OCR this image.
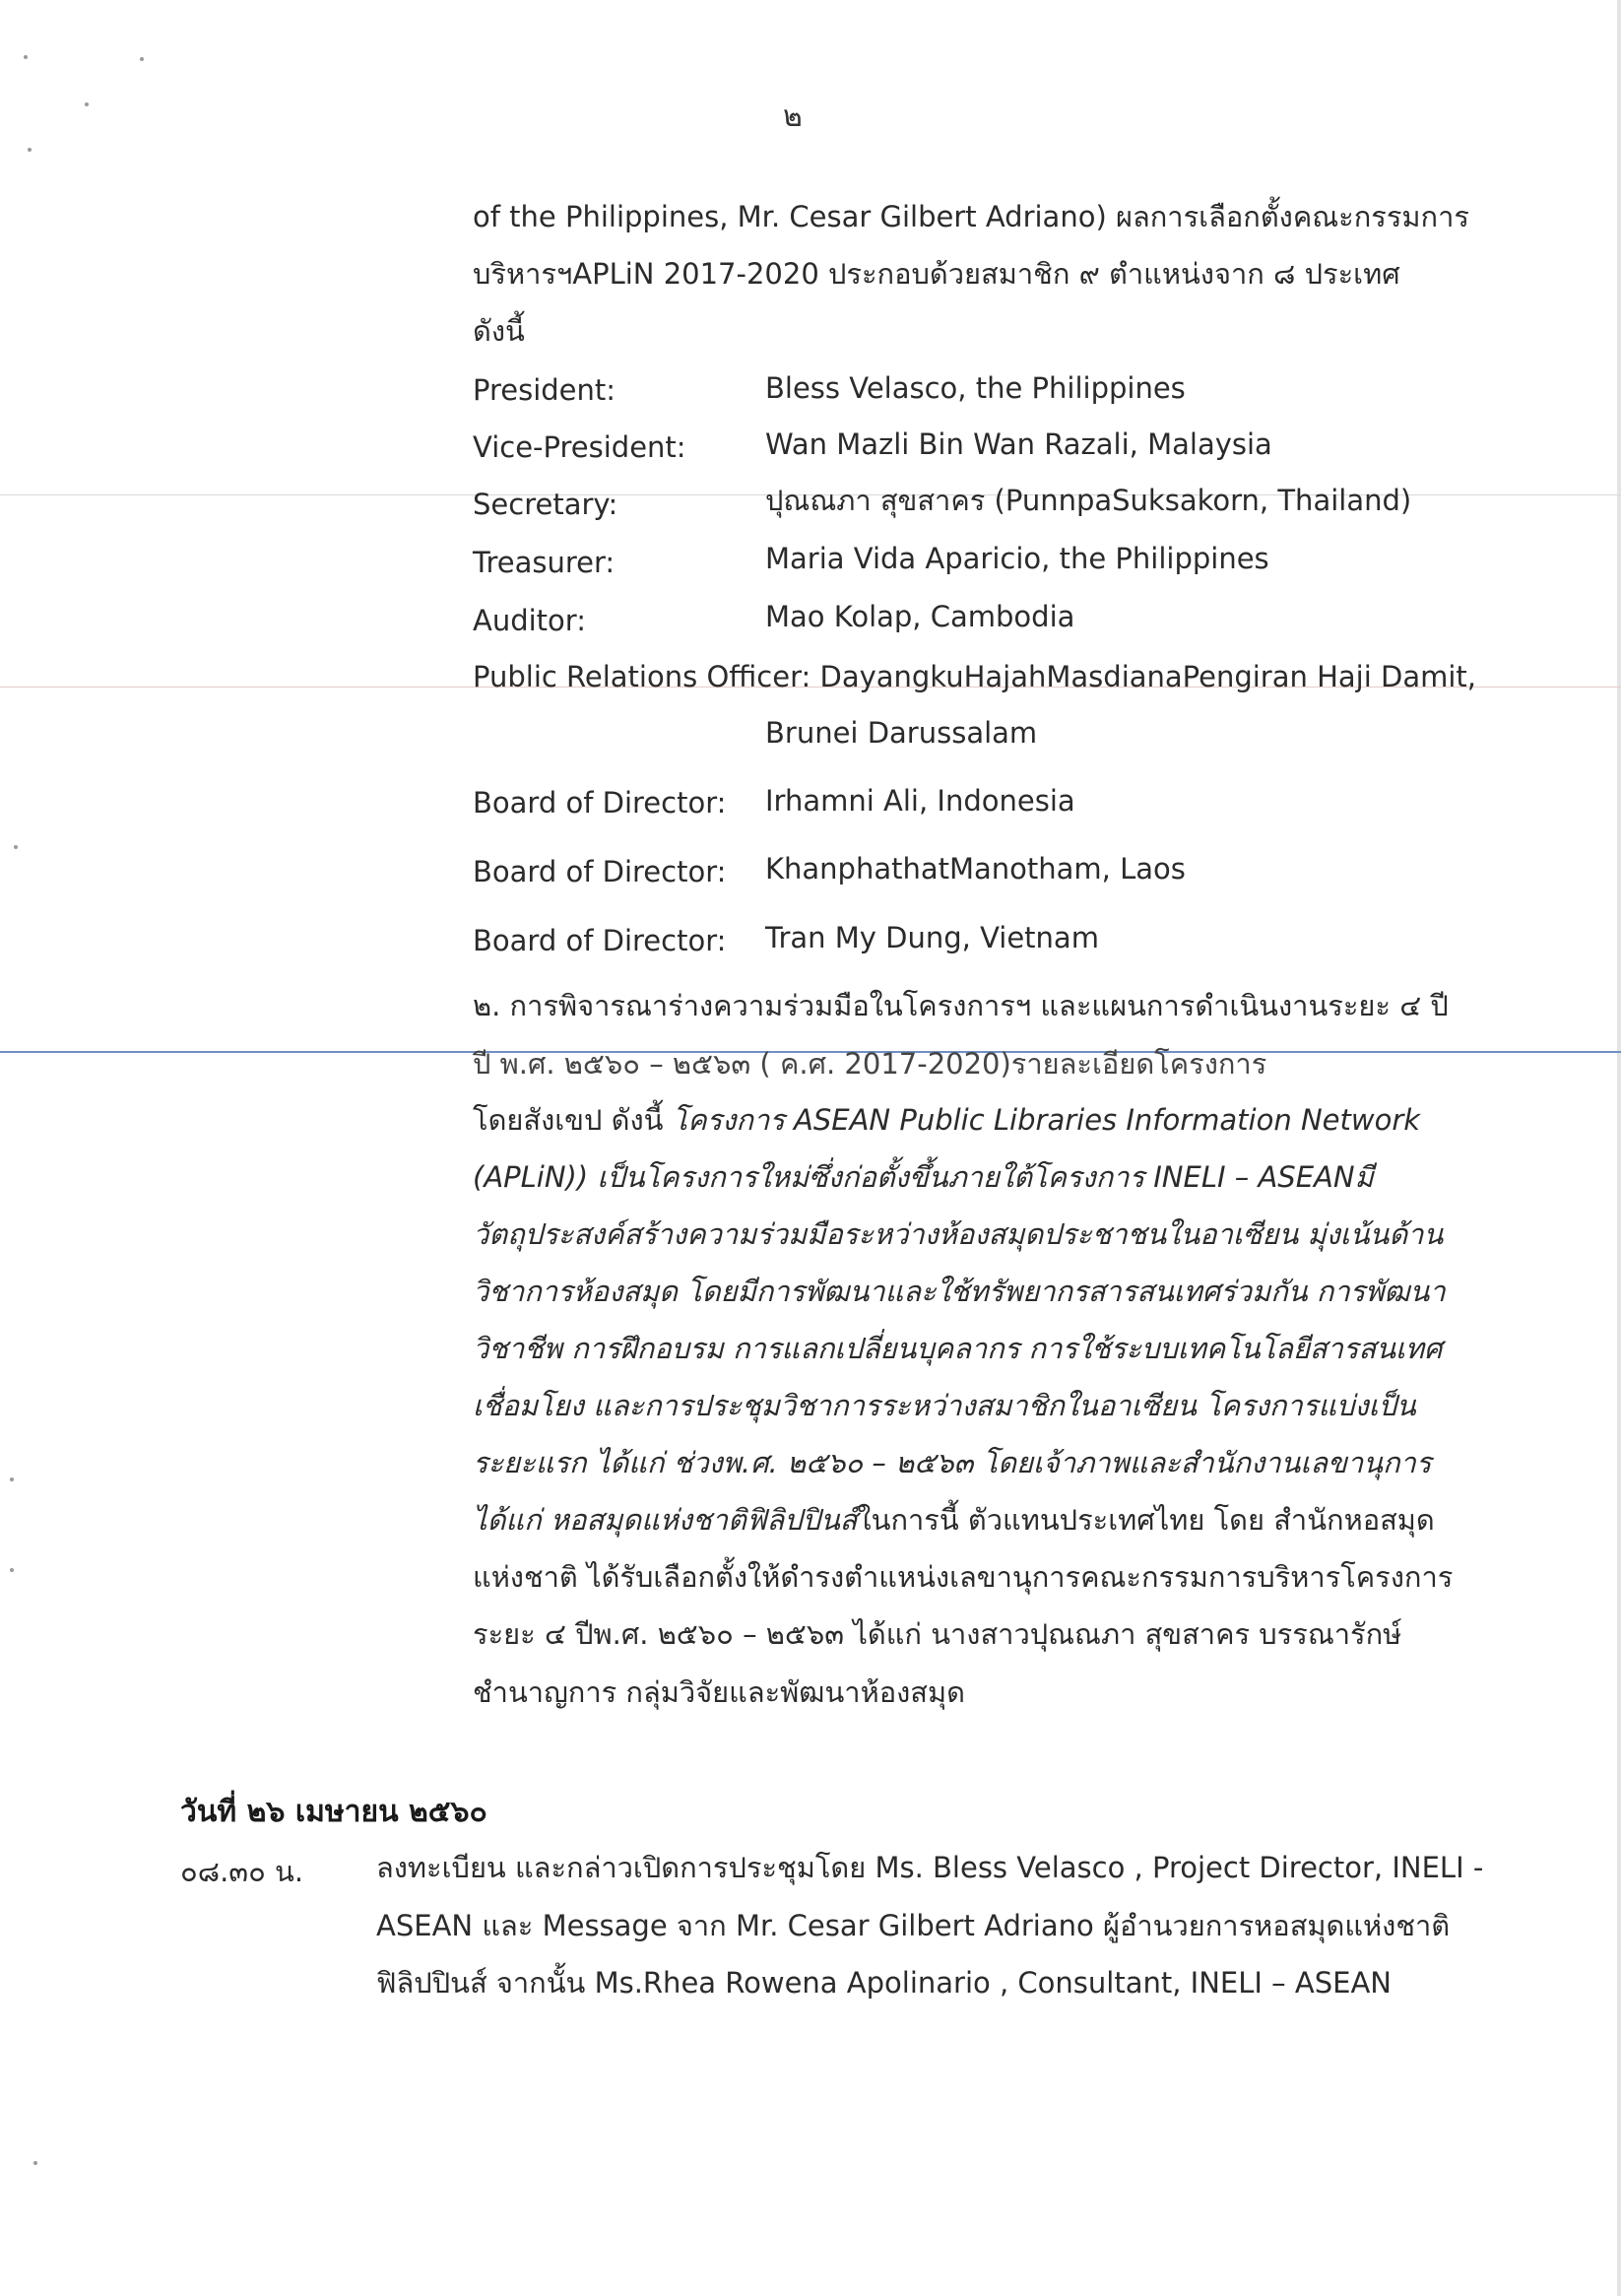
๒
of the Philippines, Mr. Cesar Gilbert Adriano) ผลการเลือกตั้งคณะกรรมการ
บริหารฯAPLiN 2017-2020 ประกอบด้วยสมาชิก ๙ ตำแหน่งจาก ๘ ประเทศ
ดังนี้
President:	Bless Velasco, the Philippines
Vice-President:	Wan Mazli Bin Wan Razali, Malaysia
Secretary:	ปุณณภา สุขสาคร (PunnpaSuksakorn, Thailand)
Treasurer:	Maria Vida Aparicio, the Philippines
Auditor:	Mao Kolap, Cambodia
Public Relations Officer: DayangkuHajahMasdianaPengiran Haji Damit,
Brunei Darussalam
Board of Director: Irhamni Ali, Indonesia
Board of Director: KhanphathatManotham, Laos
Board of Director: Tran My Dung, Vietnam
๒. การพิจารณาร่างความร่วมมือในโครงการฯ และแผนการดำเนินงานระยะ ๔ ปี
ปี พ.ศ. ๒๕๖๐ – ๒๕๖๓ ( ค.ศ. 2017-2020)รายละเอียดโครงการ
โดยสังเขป ดังนี้ โครงการ ASEAN Public Libraries Information Network
(APLiN)) เป็นโครงการใหม่ซึ่งก่อตั้งขึ้นภายใต้โครงการ INELI – ASEANมี
วัตถุประสงค์สร้างความร่วมมือระหว่างห้องสมุดประชาชนในอาเซียน มุ่งเน้นด้าน
วิชาการห้องสมุด โดยมีการพัฒนาและใช้ทรัพยากรสารสนเทศร่วมกัน การพัฒนา
วิชาชีพ การฝึกอบรม การแลกเปลี่ยนบุคลากร การใช้ระบบเทคโนโลยีสารสนเทศ
เชื่อมโยง และการประชุมวิชาการระหว่างสมาชิกในอาเซียน โครงการแบ่งเป็น
ระยะแรก ได้แก่ ช่วงพ.ศ. ๒๕๖๐ – ๒๕๖๓ โดยเจ้าภาพและสำนักงานเลขานุการ
ได้แก่ หอสมุดแห่งชาติฟิลิปปินส์ในการนี้ ตัวแทนประเทศไทย โดย สำนักหอสมุด
แห่งชาติ ได้รับเลือกตั้งให้ดำรงตำแหน่งเลขานุการคณะกรรมการบริหารโครงการ
ระยะ ๔ ปีพ.ศ. ๒๕๖๐ – ๒๕๖๓ ได้แก่ นางสาวปุณณภา สุขสาคร บรรณารักษ์
ชำนาญการ กลุ่มวิจัยและพัฒนาห้องสมุด
วันที่ ๒๖ เมษายน ๒๕๖๐
๐๘.๓๐ น.	ลงทะเบียน และกล่าวเปิดการประชุมโดย Ms. Bless Velasco , Project Director, INELI -
ASEAN และ Message จาก Mr. Cesar Gilbert Adriano ผู้อำนวยการหอสมุดแห่งชาติ
ฟิลิปปินส์ จากนั้น Ms.Rhea Rowena Apolinario , Consultant, INELI – ASEAN
